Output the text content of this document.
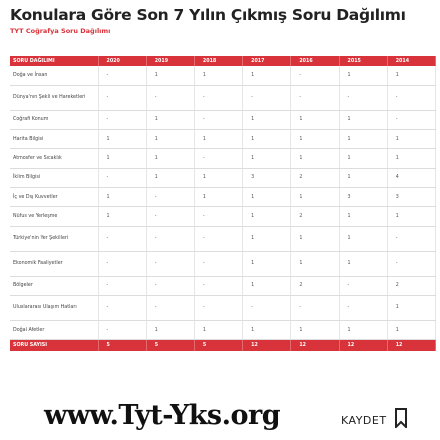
Konulara Göre Son 7 Yılın Çıkmış Soru Dağılımı
TYT Coğrafya Soru Dağılımı
SORU DAĞILIMI	2020	2019	2018	2017	2016	2015	2014
Doğa ve İnsan	-	1	1	1	-	1	1
Dünya'nın Şekli ve Hareketleri	-	-	-	-	-	-	-
Coğrafi Konum	-	1	-	1	1	1	-
Harita Bilgisi	1	1	1	1	1	1	1
Atmosfer ve Sıcaklık	1	1	-	1	1	1	1
İklim Bilgisi	-	1	1	3	2	1	4
İç ve Dış Kuvvetler	1	-	1	1	1	3	3
Nüfus ve Yerleşme	1	-	-	1	2	1	1
Türkiye'nin Yer Şekilleri	-	-	-	1	1	1	-
Ekonomik Faaliyetler	-	-	-	1	1	1	-
Bölgeler	-	-	-	1	2	-	2
Uluslararası Ulaşım Hatları	-	-	-	-	-	-	1
Doğal Afetler	-	1	1	1	1	1	1
SORU SAYISI	5	5	5	12	12	12	12
www.Tyt-Yks.org	KAYDET
